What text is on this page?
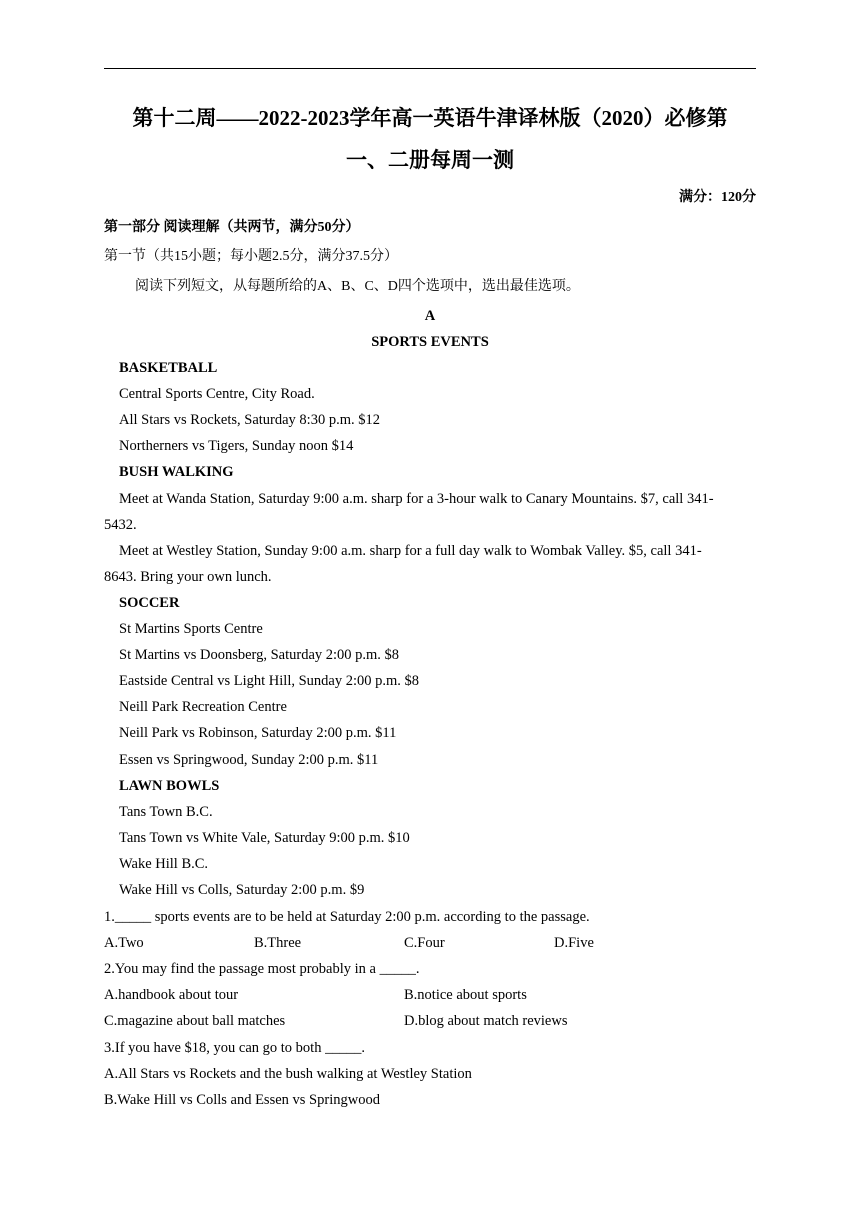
第十二周——2022-2023学年高一英语牛津译林版（2020）必修第
一、二册每周一测
满分：120分
第一部分 阅读理解（共两节，满分50分）
第一节（共15小题；每小题2.5分，满分37.5分）
阅读下列短文，从每题所给的A、B、C、D四个选项中，选出最佳选项。
A
SPORTS EVENTS
BASKETBALL
Central Sports Centre, City Road.
All Stars vs Rockets, Saturday 8:30 p.m. $12
Northerners vs Tigers, Sunday noon $14
BUSH WALKING
Meet at Wanda Station, Saturday 9:00 a.m. sharp for a 3-hour walk to Canary Mountains. $7, call 341-
5432.
Meet at Westley Station, Sunday 9:00 a.m. sharp for a full day walk to Wombak Valley. $5, call 341-
8643. Bring your own lunch.
SOCCER
St Martins Sports Centre
St Martins vs Doonsberg, Saturday 2:00 p.m. $8
Eastside Central vs Light Hill, Sunday 2:00 p.m. $8
Neill Park Recreation Centre
Neill Park vs Robinson, Saturday 2:00 p.m. $11
Essen vs Springwood, Sunday 2:00 p.m. $11
LAWN BOWLS
Tans Town B.C.
Tans Town vs White Vale, Saturday 9:00 p.m. $10
Wake Hill B.C.
Wake Hill vs Colls, Saturday 2:00 p.m. $9
1._____ sports events are to be held at Saturday 2:00 p.m. according to the passage.
A.Two	B.Three	C.Four	D.Five
2.You may find the passage most probably in a _____.
A.handbook about tour	B.notice about sports
C.magazine about ball matches	D.blog about match reviews
3.If you have $18, you can go to both _____.
A.All Stars vs Rockets and the bush walking at Westley Station
B.Wake Hill vs Colls and Essen vs Springwood
